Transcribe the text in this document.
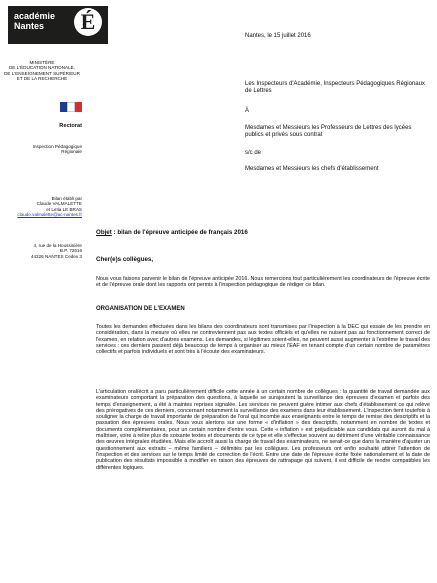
académie
Nantes	É
MINISTÈRE
DE L'ÉDUCATION NATIONALE,
DE L'ENSEIGNEMENT SUPÉRIEUR
ET DE LA RECHERCHE
Rectorat
Inspection Pédagogique
Régionale
Bilan établi par
Claude VALMALETTE
et Leïla LE BRAS
claude.valmalette@ac-nantes.fr
4, rue de la Houssinière
B.P. 72616
44326 NANTES Cedex 3
Nantes, le 15 juillet 2016
Les Inspecteurs d'Académie, Inspecteurs Pédagogiques Régionaux de Lettres
À
Mesdames et Messieurs les Professeurs de Lettres des lycées publics et privés sous contrat
s/c de
Mesdames et Messieurs les chefs d'établissement
Objet : bilan de l'épreuve anticipée de français 2016
Cher(e)s collègues,
Nous vous faisons parvenir le bilan de l'épreuve anticipée 2016. Nous remercions tout particulièrement les coordinateurs de l'épreuve écrite et de l'épreuve orale dont les rapports ont permis à l'inspection pédagogique de rédiger ce bilan.
ORGANISATION DE L'EXAMEN
Toutes les demandes effectuées dans les bilans des coordinateurs sont transmises par l'inspection à la DEC qui essaie de les prendre en considération, dans la mesure où elles ne contreviennent pas aux textes officiels et qu'elles ne nuisent pas au fonctionnement correct de l'examen, en relation avec d'autres examens. Les demandes, si légitimes soient-elles, ne peuvent aussi augmenter à l'extrême le travail des services : ces derniers passent déjà beaucoup de temps à organiser au mieux l'EAF en tenant compte d'un certain nombre de paramètres collectifs et parfois individuels et sont très à l'écoute des examinateurs.
L'articulation oral/écrit a paru particulièrement difficile cette année à un certain nombre de collègues : la quantité de travail demandée aux examinateurs comportant la préparation des questions, à laquelle se surajoutent la surveillance des épreuves d'examen et parfois des temps d'enseignement, a été à maintes reprises signalée. Les services ne peuvent guère intimer aux chefs d'établissement ce qui relève des prérogatives de ces derniers, concernant notamment la surveillance des examens dans leur établissement. L'inspection tient toutefois à souligner la charge de travail importante de préparation de l'oral qui incombe aux enseignants entre le temps de remise des descriptifs et la passation des épreuves orales. Nous vous alertons sur une forme « d'inflation » des descriptifs, notamment en nombre de textes et documents complémentaires, pour un certain nombre d'entre vous. Cette « inflation » est préjudiciable aux candidats qui auront du mal à maîtriser, voire à relire plus de soixante textes et documents de ce type et elle s'effectue souvent au détriment d'une véritable connaissance des œuvres intégrales étudiées. Mais elle accroît aussi la charge de travail des examinateurs, ne serait-ce que dans la manière d'ajuster un questionnement aux extraits – même familiers – délimités par les collègues. Les professeurs ont enfin souhaité attirer l'attention de l'inspection et des services sur le temps limité de correction de l'écrit. Entre une date de l'épreuve écrite fixée nationalement et la date de publication des résultats impossible à modifier en raison des épreuves de rattrapage qui suivent, il est difficile de rendre compatibles les différentes logiques.
